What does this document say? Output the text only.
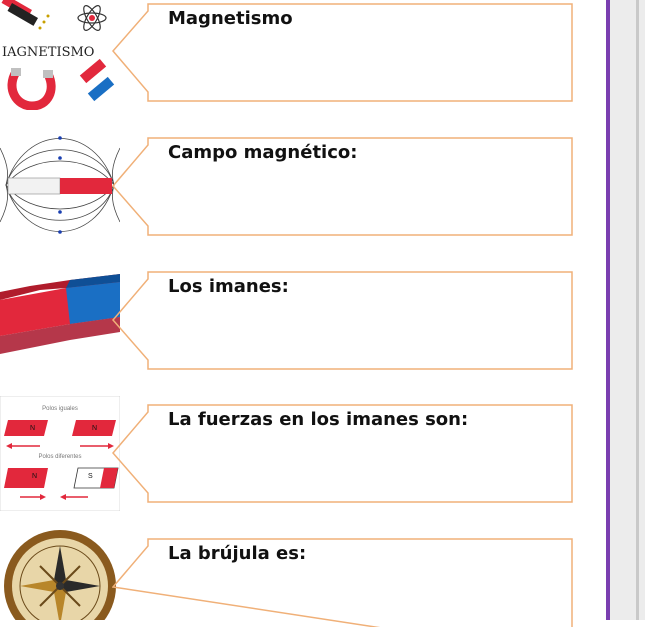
IAGNETISMO
Magnetismo
Campo magnético:
Los imanes:
Polos iguales
N	N
Polos diferentes
N	S
La fuerzas en los imanes son:
La brújula es:
